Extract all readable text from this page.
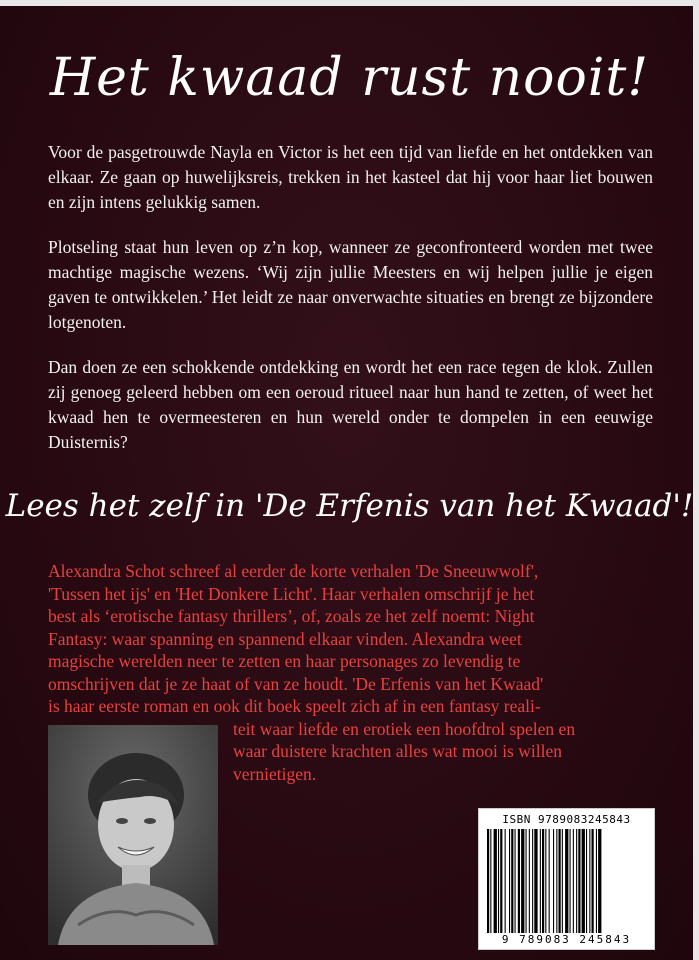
Het kwaad rust nooit!

Voor de pasgetrouwde Nayla en Victor is het een tijd van liefde en het ontdekken van elkaar. Ze gaan op huwelijksreis, trekken in het kasteel dat hij voor haar liet bouwen en zijn intens gelukkig samen.

Plotseling staat hun leven op z’n kop, wanneer ze geconfronteerd worden met twee machtige magische wezens. ‘Wij zijn jullie Meesters en wij helpen jullie je eigen gaven te ontwikkelen.’ Het leidt ze naar onverwachte situaties en brengt ze bijzondere lotgenoten.

Dan doen ze een schokkende ontdekking en wordt het een race tegen de klok. Zullen zij genoeg geleerd hebben om een oeroud ritueel naar hun hand te zetten, of weet het kwaad hen te overmeesteren en hun wereld onder te dompelen in een eeuwige Duisternis?

Lees het zelf in 'De Erfenis van het Kwaad'!

Alexandra Schot schreef al eerder de korte verhalen 'De Sneeuwwolf',
'Tussen het ijs' en 'Het Donkere Licht'. Haar verhalen omschrijf je het
best als ‘erotische fantasy thrillers’, of, zoals ze het zelf noemt: Night
Fantasy: waar spanning en spannend elkaar vinden. Alexandra weet
magische werelden neer te zetten en haar personages zo levendig te
omschrijven dat je ze haat of van ze houdt. 'De Erfenis van het Kwaad'
is haar eerste roman en ook dit boek speelt zich af in een fantasy reali-
teit waar liefde en erotiek een hoofdrol spelen en
waar duistere krachten alles wat mooi is willen
vernietigen.

ISBN 9789083245843
9 789083 245843
